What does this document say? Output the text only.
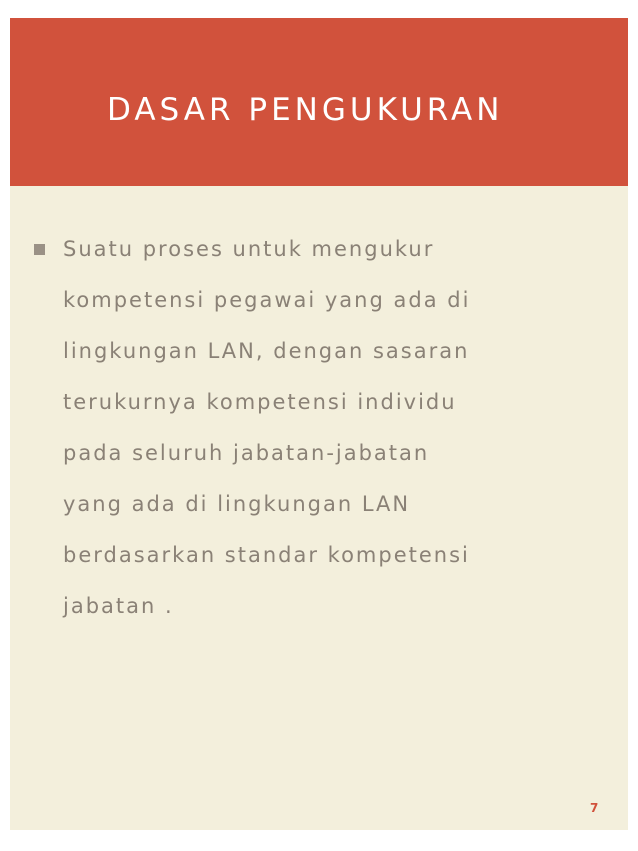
DASAR PENGUKURAN

Suatu proses untuk mengukur
kompetensi pegawai yang ada di
lingkungan LAN, dengan sasaran
terukurnya kompetensi individu
pada seluruh jabatan-jabatan
yang ada di lingkungan LAN
berdasarkan standar kompetensi
jabatan .

7
